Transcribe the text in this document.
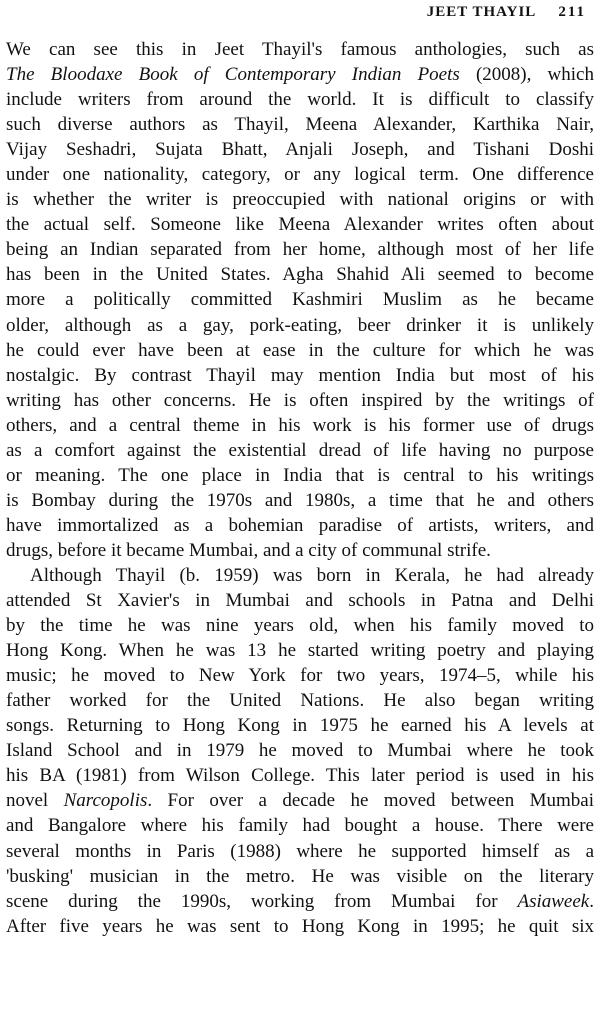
JEET THAYIL 211
We can see this in Jeet Thayil's famous anthologies, such as
The Bloodaxe Book of Contemporary Indian Poets (2008), which
include writers from around the world. It is difficult to classify
such diverse authors as Thayil, Meena Alexander, Karthika Nair,
Vijay Seshadri, Sujata Bhatt, Anjali Joseph, and Tishani Doshi
under one nationality, category, or any logical term. One difference
is whether the writer is preoccupied with national origins or with
the actual self. Someone like Meena Alexander writes often about
being an Indian separated from her home, although most of her life
has been in the United States. Agha Shahid Ali seemed to become
more a politically committed Kashmiri Muslim as he became
older, although as a gay, pork-eating, beer drinker it is unlikely
he could ever have been at ease in the culture for which he was
nostalgic. By contrast Thayil may mention India but most of his
writing has other concerns. He is often inspired by the writings of
others, and a central theme in his work is his former use of drugs
as a comfort against the existential dread of life having no purpose
or meaning. The one place in India that is central to his writings
is Bombay during the 1970s and 1980s, a time that he and others
have immortalized as a bohemian paradise of artists, writers, and
drugs, before it became Mumbai, and a city of communal strife.
Although Thayil (b. 1959) was born in Kerala, he had already
attended St Xavier's in Mumbai and schools in Patna and Delhi
by the time he was nine years old, when his family moved to
Hong Kong. When he was 13 he started writing poetry and playing
music; he moved to New York for two years, 1974–5, while his
father worked for the United Nations. He also began writing
songs. Returning to Hong Kong in 1975 he earned his A levels at
Island School and in 1979 he moved to Mumbai where he took
his BA (1981) from Wilson College. This later period is used in his
novel Narcopolis. For over a decade he moved between Mumbai
and Bangalore where his family had bought a house. There were
several months in Paris (1988) where he supported himself as a
'busking' musician in the metro. He was visible on the literary
scene during the 1990s, working from Mumbai for Asiaweek.
After five years he was sent to Hong Kong in 1995; he quit six
